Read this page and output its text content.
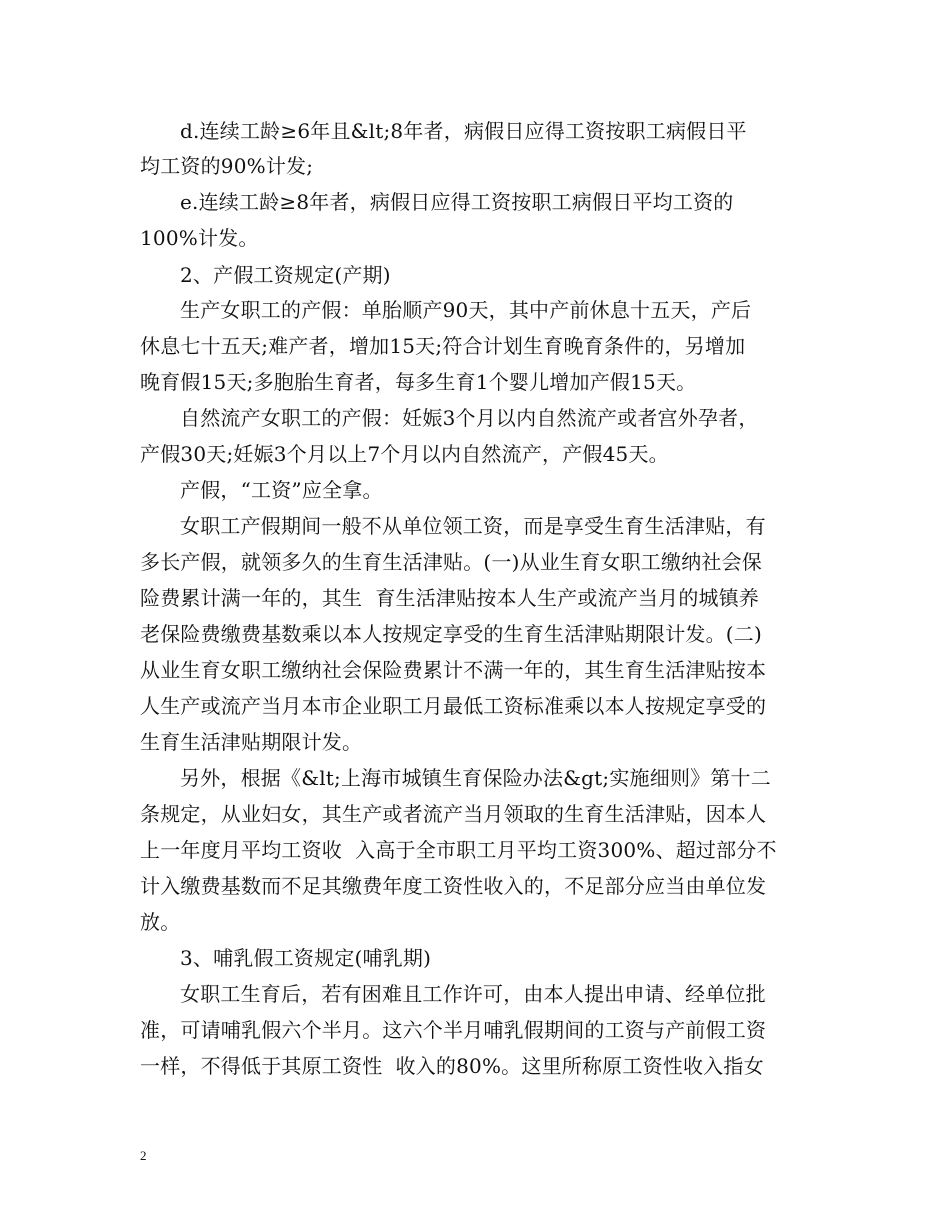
d.连续工龄≥6年且&lt;8年者，病假日应得工资按职工病假日平
均工资的90%计发;
e.连续工龄≥8年者，病假日应得工资按职工病假日平均工资的
100%计发。
2、产假工资规定(产期)
生产女职工的产假：单胎顺产90天，其中产前休息十五天，产后
休息七十五天;难产者，增加15天;符合计划生育晚育条件的，另增加
晚育假15天;多胞胎生育者，每多生育1个婴儿增加产假15天。
自然流产女职工的产假：妊娠3个月以内自然流产或者宫外孕者，
产假30天;妊娠3个月以上7个月以内自然流产，产假45天。
产假，“工资”应全拿。
女职工产假期间一般不从单位领工资，而是享受生育生活津贴，有
多长产假，就领多久的生育生活津贴。(一)从业生育女职工缴纳社会保
险费累计满一年的，其生  育生活津贴按本人生产或流产当月的城镇养
老保险费缴费基数乘以本人按规定享受的生育生活津贴期限计发。(二)
从业生育女职工缴纳社会保险费累计不满一年的，其生育生活津贴按本
人生产或流产当月本市企业职工月最低工资标准乘以本人按规定享受的
生育生活津贴期限计发。
另外，根据《&lt;上海市城镇生育保险办法&gt;实施细则》第十二
条规定，从业妇女，其生产或者流产当月领取的生育生活津贴，因本人
上一年度月平均工资收  入高于全市职工月平均工资300%、超过部分不
计入缴费基数而不足其缴费年度工资性收入的，不足部分应当由单位发
放。
3、哺乳假工资规定(哺乳期)
女职工生育后，若有困难且工作许可，由本人提出申请、经单位批
准，可请哺乳假六个半月。这六个半月哺乳假期间的工资与产前假工资
一样，不得低于其原工资性  收入的80%。这里所称原工资性收入指女
2
